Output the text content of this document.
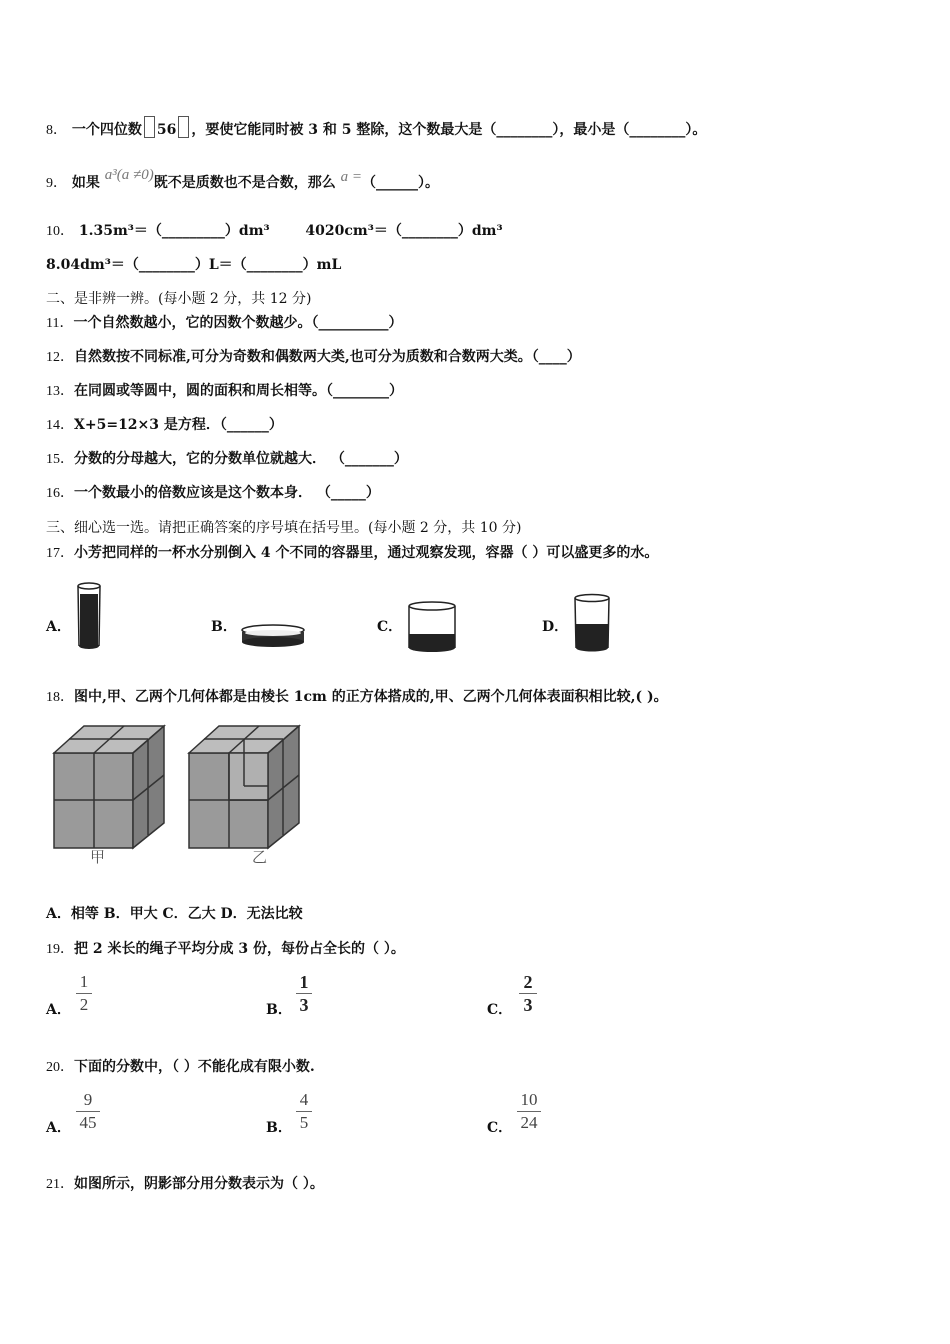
8． 一个四位数 56 ，要使它能同时被 3 和 5 整除，这个数最大是（________），最小是（________）。
9． 如果 a³(a ≠0)既不是质数也不是合数，那么 a =（______）。
10． 1.35m³＝（_________）dm³	4020cm³＝（________）dm³
8.04dm³＝（________）L＝（________）mL
二、是非辨一辨。(每小题 2 分，共 12 分)
11．一个自然数越小，它的因数个数越少。（__________）
12．自然数按不同标准,可分为奇数和偶数两大类,也可分为质数和合数两大类。（____）
13．在同圆或等圆中，圆的面积和周长相等。（________）
14．X+5=12×3 是方程．（______）
15．分数的分母越大，它的分数单位就越大． （_______）
16．一个数最小的倍数应该是这个数本身． （_____）
三、细心选一选。请把正确答案的序号填在括号里。(每小题 2 分，共 10 分)
17．小芳把同样的一杯水分别倒入 4 个不同的容器里，通过观察发现，容器（ ）可以盛更多的水。
A．	B．	C．	D．
18．图中,甲、乙两个几何体都是由棱长 1cm 的正方体搭成的,甲、乙两个几何体表面积相比较,( )。
甲	乙
A．相等 B．甲大 C．乙大 D．无法比较
19．把 2 米长的绳子平均分成 3 份，每份占全长的（ ）。
A．
1
2	B．
1
3	C．
2
3
20．下面的分数中，（ ）不能化成有限小数.
A．
9
45	B．
4
5	C．
10
24
21．如图所示，阴影部分用分数表示为（ ）。
